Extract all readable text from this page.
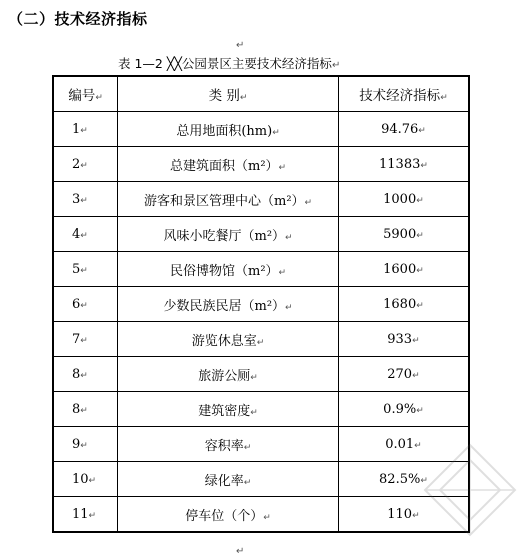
（二）技术经济指标
↵
表 1—2 ╳╳公园景区主要技术经济指标↵
编号↵	类 别↵	技术经济指标↵
1↵	总用地面积(hm)↵	94.76↵
2↵	总建筑面积（m²）↵	11383↵
3↵	游客和景区管理中心（m²）↵	1000↵
4↵	风味小吃餐厅（m²）↵	5900↵
5↵	民俗博物馆（m²）↵	1600↵
6↵	少数民族民居（m²）↵	1680↵
7↵	游览休息室↵	933↵
8↵	旅游公厕↵	270↵
8↵	建筑密度↵	0.9%↵
9↵	容积率↵	0.01↵
10↵	绿化率↵	82.5%↵
11↵	停车位（个）↵	110↵
↵
